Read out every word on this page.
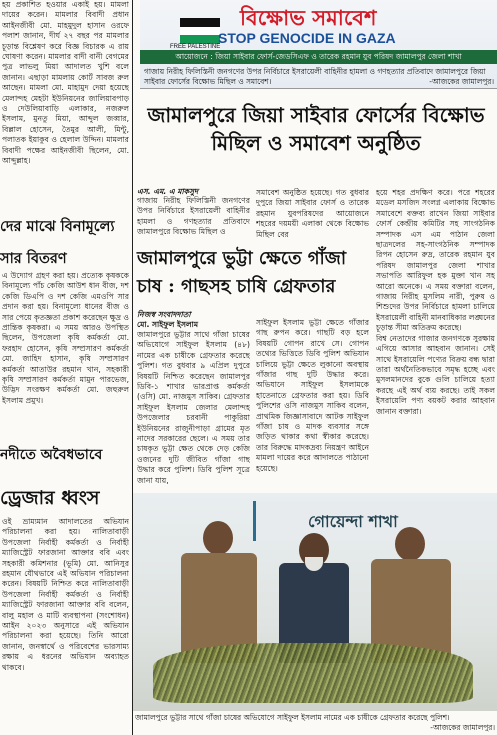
হয় প্রকাশিত হওয়ার একাই হয়। মামলা দায়ের করেন। মামলার বিবাদী প্রধান আইনজীবী মো. মাহমুদুল হাসান ওরফে পলাশ জানান, দীর্ঘ ২৭ বছর পর মামলার চূড়ান্ত বিশ্লেষণ করে বিজ্ঞ বিচারক এ রায় ঘোষণা করেন। মামলার বাদী বানী বেগমের পুত্র লাভলু মিয়া আদালত খুশি বলে জানান। এছাড়া মামলায় কোর্ট সাবজ রুল আছেন। মামলা মো. মাহামুদ দেয়া হয়েছে মেলান্দহ মেহটা ইউনিয়নের জালিয়াবপাড় ও দেউলিয়াবাড়ি এলাকার, নজরুল ইসলাম, মুনতু মিয়া, আব্দুল জব্বার, বিল্লাল হোসেন, তৈমুর আলী, মিন্টু, পলাতক ইয়াকুব ও হেলাল উদ্দিন। মামলার বিবাদী পক্ষের আইনজীবী ছিলেন, মো. আব্দুল্লাহ।
দের মাঝে বিনামূল্যে
সার বিতরণ
এ উদ্যোগ গ্রহণ করা হয়। প্রত্যেক কৃষককে বিনামূল্যে পাঁচ কেজি আউশ ধান বীজ, দশ কেজি ডিএপি ও দশ কেজি এমওপি সার প্রদান করা হয়। বিনামূল্যে ধানের বীজ ও সার পেয়ে কৃতজ্ঞতা প্রকাশ করেছেন ক্ষুদ্র ও প্রান্তিক কৃষকরা। এ সময় আরও উপস্থিত ছিলেন, উপজেলা কৃষি কর্মকর্তা মো. ফরহাদ হোসেন, কৃষি সম্প্রসারণ কর্মকর্তা মো. জাহিদ হাসান, কৃষি সম্প্রসারণ কর্মকর্তা আতাউর রহমান খান, সহকারী কৃষি সম্প্রসারণ কর্মকর্তা মামুন পারভেজ, উদ্ভিদ সংরক্ষণ কর্মকর্তা মো. জহুরুল ইসলাম প্রমুখ।
নদীতে অবৈধভাবে
ড্রেজার ধ্বংস
ওই ভ্রাম্যমান আদালতের অভিযান পরিচালনা করা হয়। নালিতাবাড়ী উপজেলা নির্বাহী কর্মকর্তা ও নির্বাহী ম্যাজিস্ট্রেট ফারজানা আক্তার ববি এবং সহকারী কমিশনার (ভূমি) মো. আনিসুর রহমান যৌথভাবে এই অভিযান পরিচালনা করেন। বিষয়টি নিশ্চিত করে নালিতাবাড়ী উপজেলা নির্বাহী কর্মকর্তা ও নির্বাহী ম্যাজিস্ট্রেট ফারজানা আক্তার ববি বলেন, বালু মহাল ও মাটি ব্যবস্থাপনা (সংশোধন) আইন ২০২৩ অনুসারে এই অভিযান পরিচালনা করা হয়েছে। তিনি আরো জানান, জনস্বার্থে ও পরিবেশের ভারসাম্য রক্ষায় এ ধরনের অভিযান অব্যাহত থাকবে।
FREE PALESTINE
বিক্ষোভ সমাবেশ
STOP GENOCIDE IN GAZA
আয়োজনে : জিয়া সাইবার ফোর্স-জেডসিএফ ও তারেক রহমান যুব পরিষদ জামালপুর জেলা শাখা
গাজায় নিরীহ ফিলিস্তিনী জনগণের উপর নির্বিচারে ইসরায়েলী বাহিনীর হামলা ও গণহত্যার প্রতিবাদে জামালপুরে জিয়া সাইবার ফোর্সের বিক্ষোভ মিছিল ও সমাবেশ।	-আজকের জামালপুর।
জামালপুরে জিয়া সাইবার ফোর্সের বিক্ষোভ
মিছিল ও সমাবেশ অনুষ্ঠিত
এস. এম. এ মাকসুদ
গাজায় নিরীহ ফিলিস্তিনী জনগণের উপর নির্বিচারে ইসরায়েলী বাহিনীর হামলা ও গণহত্যার প্রতিবাদে জামালপুরে বিক্ষোভ মিছিল ও
সমাবেশ অনুষ্ঠিত হয়েছে। গত বুধবার দুপুরে জিয়া সাইবার ফোর্স ও তারেক রহমান যুবপরিষদের আয়োজনে শহরের দয়ময়ী এলাকা থেকে বিক্ষোভ মিছিল বের
হয়ে শহর প্রদক্ষিণ করে। পরে শহরের মডেল মসজিদ সংলগ্ন এলাকায় বিক্ষোভ সমাবেশে বক্তব্য রাখেন জিয়া সাইবার ফোর্স কেন্দ্রীয় কমিটির সহ সাংগঠনিক সম্পাদক এস এম পাঠান জেলা ছাত্রদলের সহ-সাংগঠনিক সম্পাদক রিপন হোসেন রুদ্র, তারেক রহমান যুব পরিষদ জামালপুর জেলা শাখার সভাপতি আরিফুল হক মুক্তা খান সহ আরো অনেকে। এ সময় বক্তারা বলেন, গাজায় নিরীহ মুসলিম নারী, পুরুষ ও শিশুদের উপর নির্বিচারে হামলা চালিয়ে ইসরায়েলী বাহিনী মানবাধিকার লঙ্ঘনের চূড়ান্ত সীমা অতিক্রম করেছে।
বিশ্ব নেতাদের গাজার জনগণকে সুরক্ষায় এগিয়ে আসার আহবান জানান। সেই সাথে ইসরায়েলি পণ্যের বিক্রয় বন্ধ দ্বারা তারা অর্থনৈতিকভাবে সমৃদ্ধ হচ্ছে এবং মুসলমানদের বুকে গুলি চালিয়ে হত্যা করছে এই অর্থ ব্যয় করছে। তাই সকল ইসরায়েলি পণ্য বয়কট করার আহবান জানান বক্তারা।
জামালপুরে ভুট্টা ক্ষেতে গাঁজা
চাষ : গাছসহ চাষি গ্রেফতার
নিজস্ব সংবাদদাতা
মো. সাইফুল ইসলাম
জামালপুরে ভুট্টার সাথে গাঁজা চাষের অভিযোগে সাইফুল ইসলাম (৪৮) নামের এক চাষীকে গ্রেফতার করেছে পুলিশ। গত বুধবার ৯ এপ্রিল দুপুরে বিষয়টি নিশ্চিত করেছেন জামালপুর ডিবি-১ শাখার ভারপ্রাপ্ত কর্মকর্তা (ওসি) মো. নাজমুস সাকিব। গ্রেফতার সাইফুল ইসলাম জেলার মেলান্দহ উপজেলার চরবানী পাকুরিয়া ইউনিয়নের রাজুনীপাড়া গ্রামের মৃত নাদের সরকারের ছেলে। এ সময় তার চাষকৃত ভুট্টা ক্ষেত থেকে দেড় কেজি ওজনের দুটি জীবিত গাঁজা গাছ উদ্ধার করে পুলিশ। ডিবি পুলিশ সূত্রে জানা যায়,
সাইফুল ইসলাম ভুট্টা ক্ষেতে গাঁজার গাছ রুপন করে। গাছটি বড় হলে বিষয়টি গোপন রাখে সে। গোপন তথ্যের ভিত্তিতে ডিবি পুলিশ অভিযান চালিয়ে ভুট্টা ক্ষেতে লুকানো অবস্থায় গাঁজার গাছ দুটি উদ্ধার করে। অভিযানে সাইফুল ইসলামকে হাতেনাতে গ্রেফতার করা হয়। ডিবি পুলিশের ওসি নাজমুস সাকিব বলেন, প্রাথমিক জিজ্ঞাসাবাদে আটক সাইফুল গাঁজা চাষ ও মাদক ব্যবসার সঙ্গে জড়িত থাকার কথা স্বীকার করেছে। তার বিরুদ্ধে মাদকদ্রব্য নিয়ন্ত্রণ আইনে মামলা দায়ের করে আদালতে পাঠানো হয়েছে।
গোয়েন্দা শাখা
জামালপুরে ভুট্টার সাথে গাঁজা চাষের অভিযোগে সাইফুল ইসলাম নামের এক চাষীকে গ্রেফতার করেছে পুলিশ।
-আজকের জামালপুর।
